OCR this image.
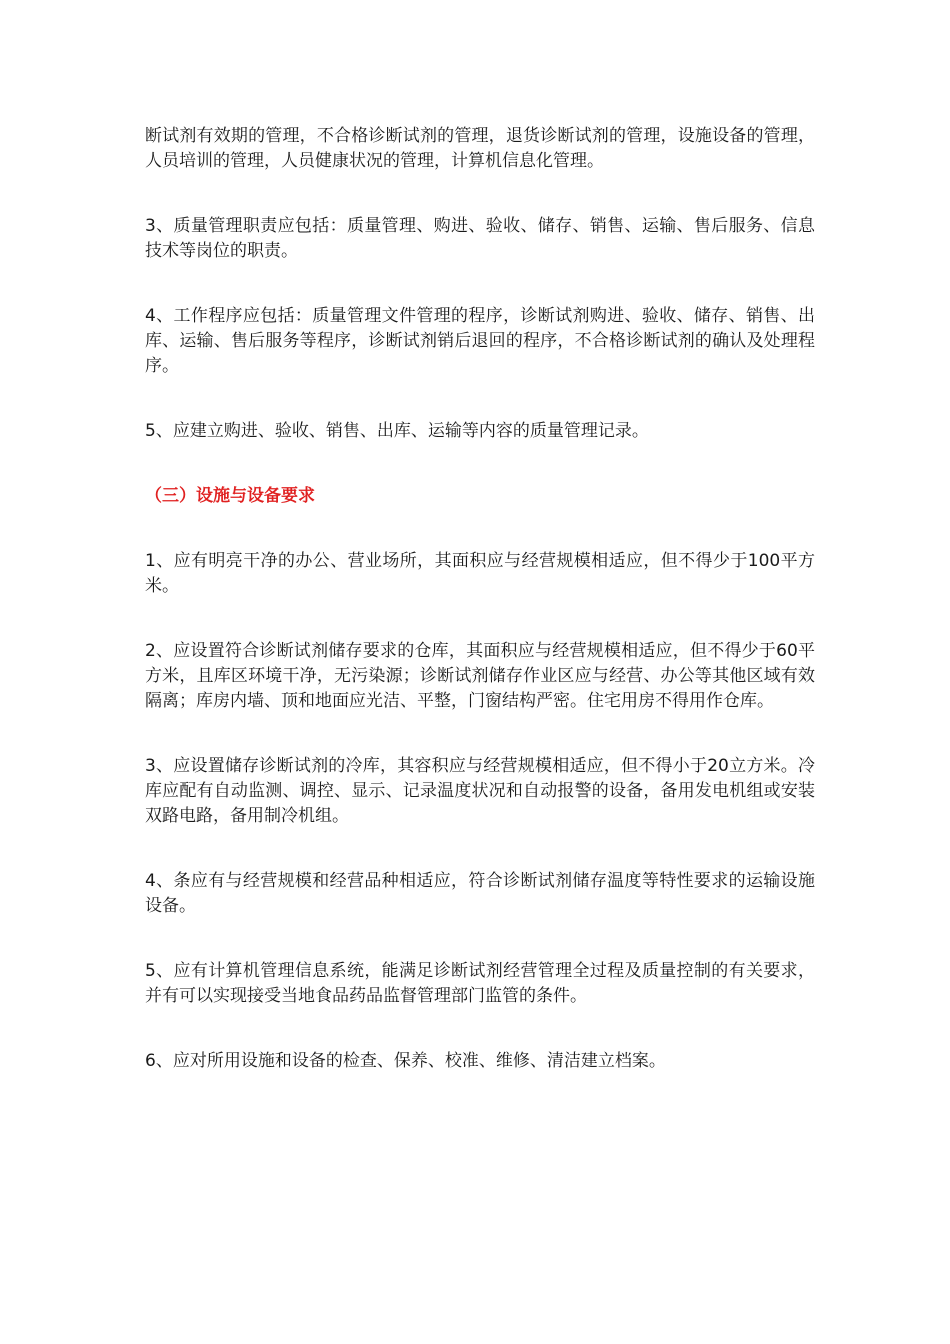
断试剂有效期的管理，不合格诊断试剂的管理，退货诊断试剂的管理，设施设备的管理，人员培训的管理，人员健康状况的管理，计算机信息化管理。

3、质量管理职责应包括：质量管理、购进、验收、储存、销售、运输、售后服务、信息技术等岗位的职责。

4、工作程序应包括：质量管理文件管理的程序，诊断试剂购进、验收、储存、销售、出库、运输、售后服务等程序，诊断试剂销后退回的程序，不合格诊断试剂的确认及处理程序。

5、应建立购进、验收、销售、出库、运输等内容的质量管理记录。

（三）设施与设备要求

1、应有明亮干净的办公、营业场所，其面积应与经营规模相适应，但不得少于100平方米。

2、应设置符合诊断试剂储存要求的仓库，其面积应与经营规模相适应，但不得少于60平方米，且库区环境干净，无污染源；诊断试剂储存作业区应与经营、办公等其他区域有效隔离；库房内墙、顶和地面应光洁、平整，门窗结构严密。住宅用房不得用作仓库。

3、应设置储存诊断试剂的冷库，其容积应与经营规模相适应，但不得小于20立方米。冷库应配有自动监测、调控、显示、记录温度状况和自动报警的设备，备用发电机组或安装双路电路，备用制冷机组。

4、条应有与经营规模和经营品种相适应，符合诊断试剂储存温度等特性要求的运输设施设备。

5、应有计算机管理信息系统，能满足诊断试剂经营管理全过程及质量控制的有关要求，并有可以实现接受当地食品药品监督管理部门监管的条件。

6、应对所用设施和设备的检查、保养、校准、维修、清洁建立档案。
